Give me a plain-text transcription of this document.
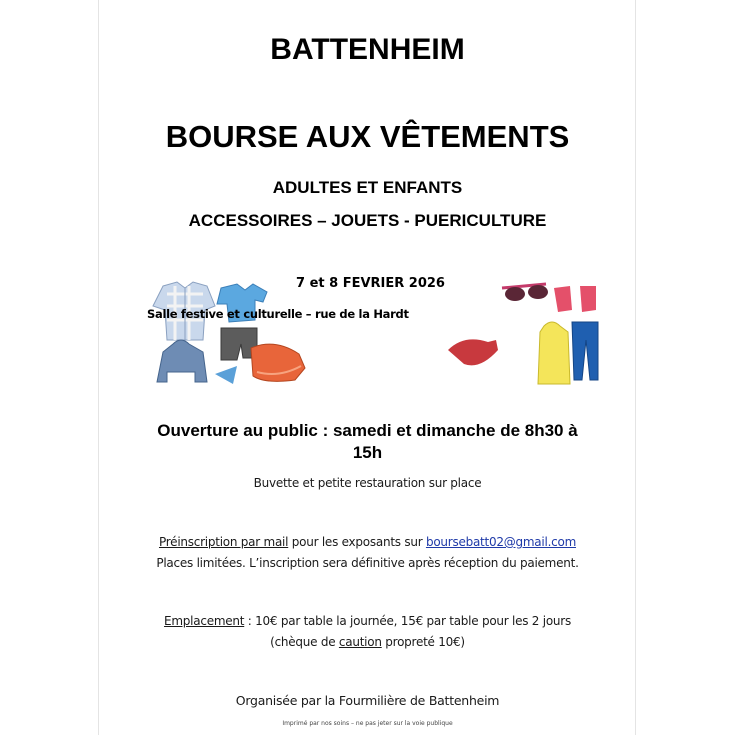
BATTENHEIM
BOURSE AUX VÊTEMENTS
ADULTES ET ENFANTS
ACCESSOIRES – JOUETS - PUERICULTURE
7 et 8 FEVRIER 2026
Salle festive et culturelle – rue de la Hardt
Ouverture au public : samedi et dimanche de 8h30 à
15h
Buvette et petite restauration sur place
Préinscription par mail pour les exposants sur boursebatt02@gmail.com
Places limitées. L’inscription sera définitive après réception du paiement.
Emplacement : 10€ par table la journée, 15€ par table pour les 2 jours
(chèque de caution propreté 10€)
Organisée par la Fourmilière de Battenheim
Imprimé par nos soins – ne pas jeter sur la voie publique
